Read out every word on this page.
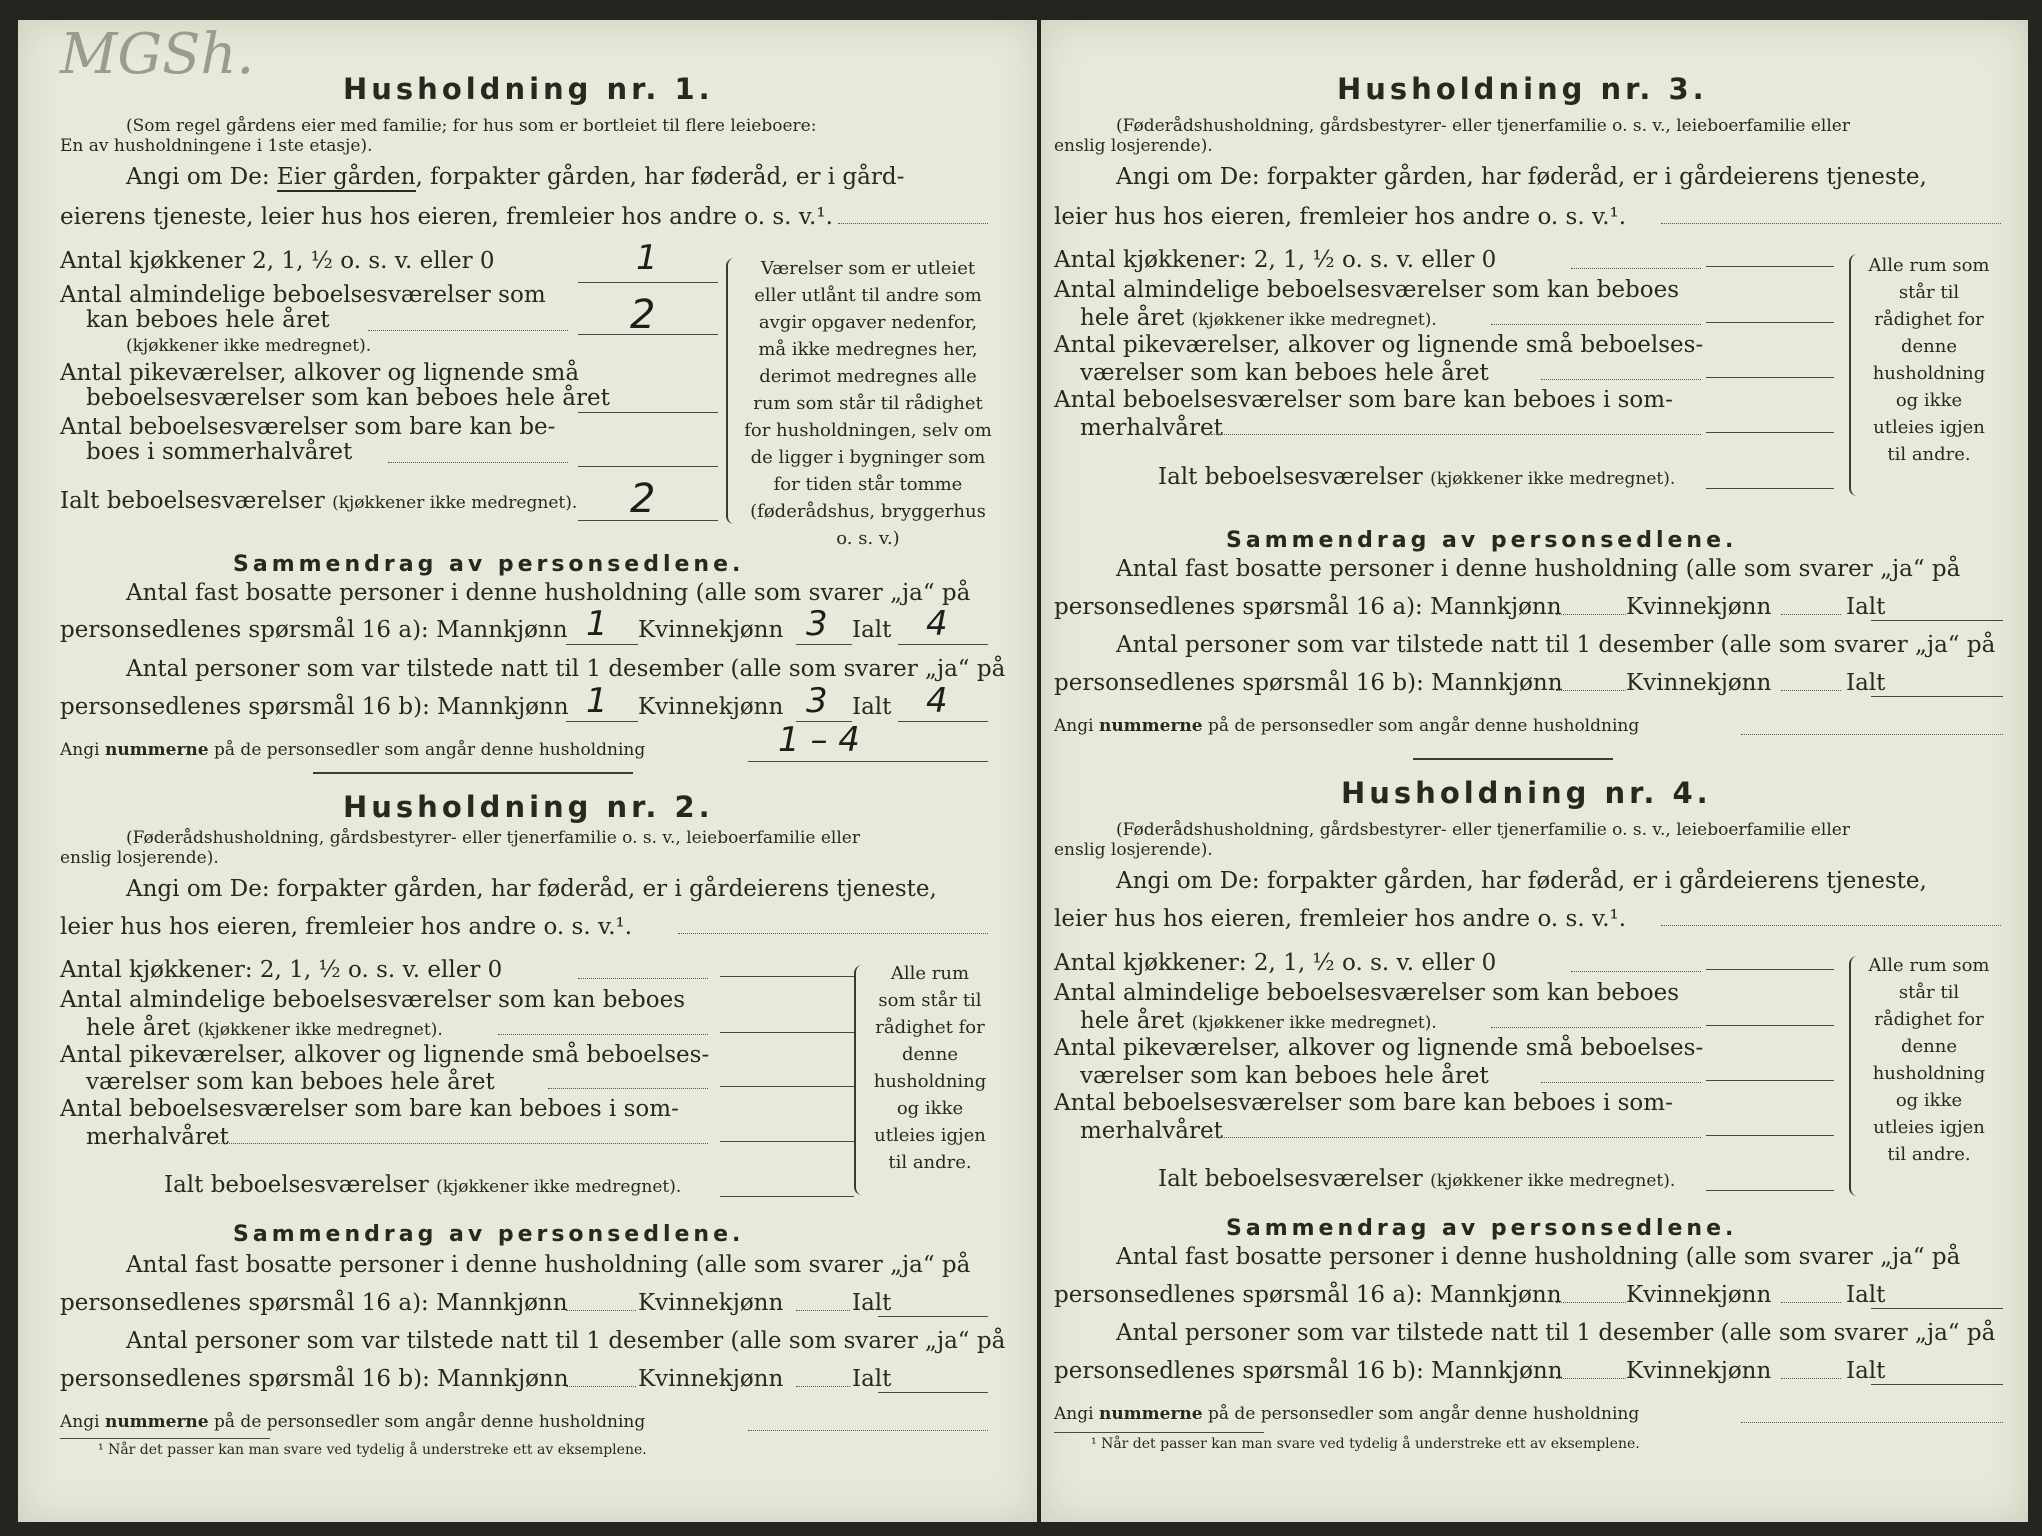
MGSh.
Husholdning nr. 1.
(Som regel gårdens eier med familie; for hus som er bortleiet til flere leieboere:
En av husholdningene i 1ste etasje).
Angi om De: Eier gården, forpakter gården, har føderåd, er i gård-
eierens tjeneste, leier hus hos eieren, fremleier hos andre o. s. v.¹.
Antal kjøkkener 2, 1, ½ o. s. v. eller 0	1
Antal almindelige beboelsesværelser som
kan beboes hele året	2
(kjøkkener ikke medregnet).
Antal pikeværelser, alkover og lignende små
beboelsesværelser som kan beboes hele året
Antal beboelsesværelser som bare kan be-
boes i sommerhalvåret
Ialt beboelsesværelser (kjøkkener ikke medregnet). 2
Værelser som er utleiet eller utlånt til andre som avgir opgaver nedenfor, må ikke medregnes her, derimot medregnes alle rum som står til rådighet for husholdningen, selv om de ligger i bygninger som for tiden står tomme (føderådshus, bryggerhus o. s. v.)
Sammendrag av personsedlene.
Antal fast bosatte personer i denne husholdning (alle som svarer „ja“ på
personsedlenes spørsmål 16 a): Mannkjønn	Kvinnekjønn	Ialt
1	3	4
Antal personer som var tilstede natt til 1 desember (alle som svarer „ja“ på
personsedlenes spørsmål 16 b): Mannkjønn	Kvinnekjønn	Ialt
1	3	4
Angi nummerne på de personsedler som angår denne husholdning	1 – 4
Husholdning nr. 2.
(Føderådshusholdning, gårdsbestyrer- eller tjenerfamilie o. s. v., leieboerfamilie eller
enslig losjerende).
Angi om De: forpakter gården, har føderåd, er i gårdeierens tjeneste,
leier hus hos eieren, fremleier hos andre o. s. v.¹.
Antal kjøkkener: 2, 1, ½ o. s. v. eller 0
Antal almindelige beboelsesværelser som kan beboes
hele året (kjøkkener ikke medregnet).
Antal pikeværelser, alkover og lignende små beboelses-
værelser som kan beboes hele året
Antal beboelsesværelser som bare kan beboes i som-
merhalvåret
Ialt beboelsesværelser (kjøkkener ikke medregnet).
Alle rum som står til rådighet for denne husholdning og ikke utleies igjen til andre.
Sammendrag av personsedlene.
Antal fast bosatte personer i denne husholdning (alle som svarer „ja“ på
personsedlenes spørsmål 16 a): Mannkjønn	Kvinnekjønn	Ialt
Antal personer som var tilstede natt til 1 desember (alle som svarer „ja“ på
personsedlenes spørsmål 16 b): Mannkjønn	Kvinnekjønn	Ialt
Angi nummerne på de personsedler som angår denne husholdning
¹ Når det passer kan man svare ved tydelig å understreke ett av eksemplene.
Husholdning nr. 3.
(Føderådshusholdning, gårdsbestyrer- eller tjenerfamilie o. s. v., leieboerfamilie eller
enslig losjerende).
Angi om De: forpakter gården, har føderåd, er i gårdeierens tjeneste,
leier hus hos eieren, fremleier hos andre o. s. v.¹.
Antal kjøkkener: 2, 1, ½ o. s. v. eller 0
Antal almindelige beboelsesværelser som kan beboes
hele året (kjøkkener ikke medregnet).
Antal pikeværelser, alkover og lignende små beboelses-
værelser som kan beboes hele året
Antal beboelsesværelser som bare kan beboes i som-
merhalvåret
Ialt beboelsesværelser (kjøkkener ikke medregnet).
Alle rum som står til rådighet for denne husholdning og ikke utleies igjen til andre.
Sammendrag av personsedlene.
Antal fast bosatte personer i denne husholdning (alle som svarer „ja“ på
personsedlenes spørsmål 16 a): Mannkjønn	Kvinnekjønn	Ialt
Antal personer som var tilstede natt til 1 desember (alle som svarer „ja“ på
personsedlenes spørsmål 16 b): Mannkjønn	Kvinnekjønn	Ialt
Angi nummerne på de personsedler som angår denne husholdning
Husholdning nr. 4.
(Føderådshusholdning, gårdsbestyrer- eller tjenerfamilie o. s. v., leieboerfamilie eller
enslig losjerende).
Angi om De: forpakter gården, har føderåd, er i gårdeierens tjeneste,
leier hus hos eieren, fremleier hos andre o. s. v.¹.
Antal kjøkkener: 2, 1, ½ o. s. v. eller 0
Antal almindelige beboelsesværelser som kan beboes
hele året (kjøkkener ikke medregnet).
Antal pikeværelser, alkover og lignende små beboelses-
værelser som kan beboes hele året
Antal beboelsesværelser som bare kan beboes i som-
merhalvåret
Ialt beboelsesværelser (kjøkkener ikke medregnet).
Alle rum som står til rådighet for denne husholdning og ikke utleies igjen til andre.
Sammendrag av personsedlene.
Antal fast bosatte personer i denne husholdning (alle som svarer „ja“ på
personsedlenes spørsmål 16 a): Mannkjønn	Kvinnekjønn	Ialt
Antal personer som var tilstede natt til 1 desember (alle som svarer „ja“ på
personsedlenes spørsmål 16 b): Mannkjønn	Kvinnekjønn	Ialt
Angi nummerne på de personsedler som angår denne husholdning
¹ Når det passer kan man svare ved tydelig å understreke ett av eksemplene.
